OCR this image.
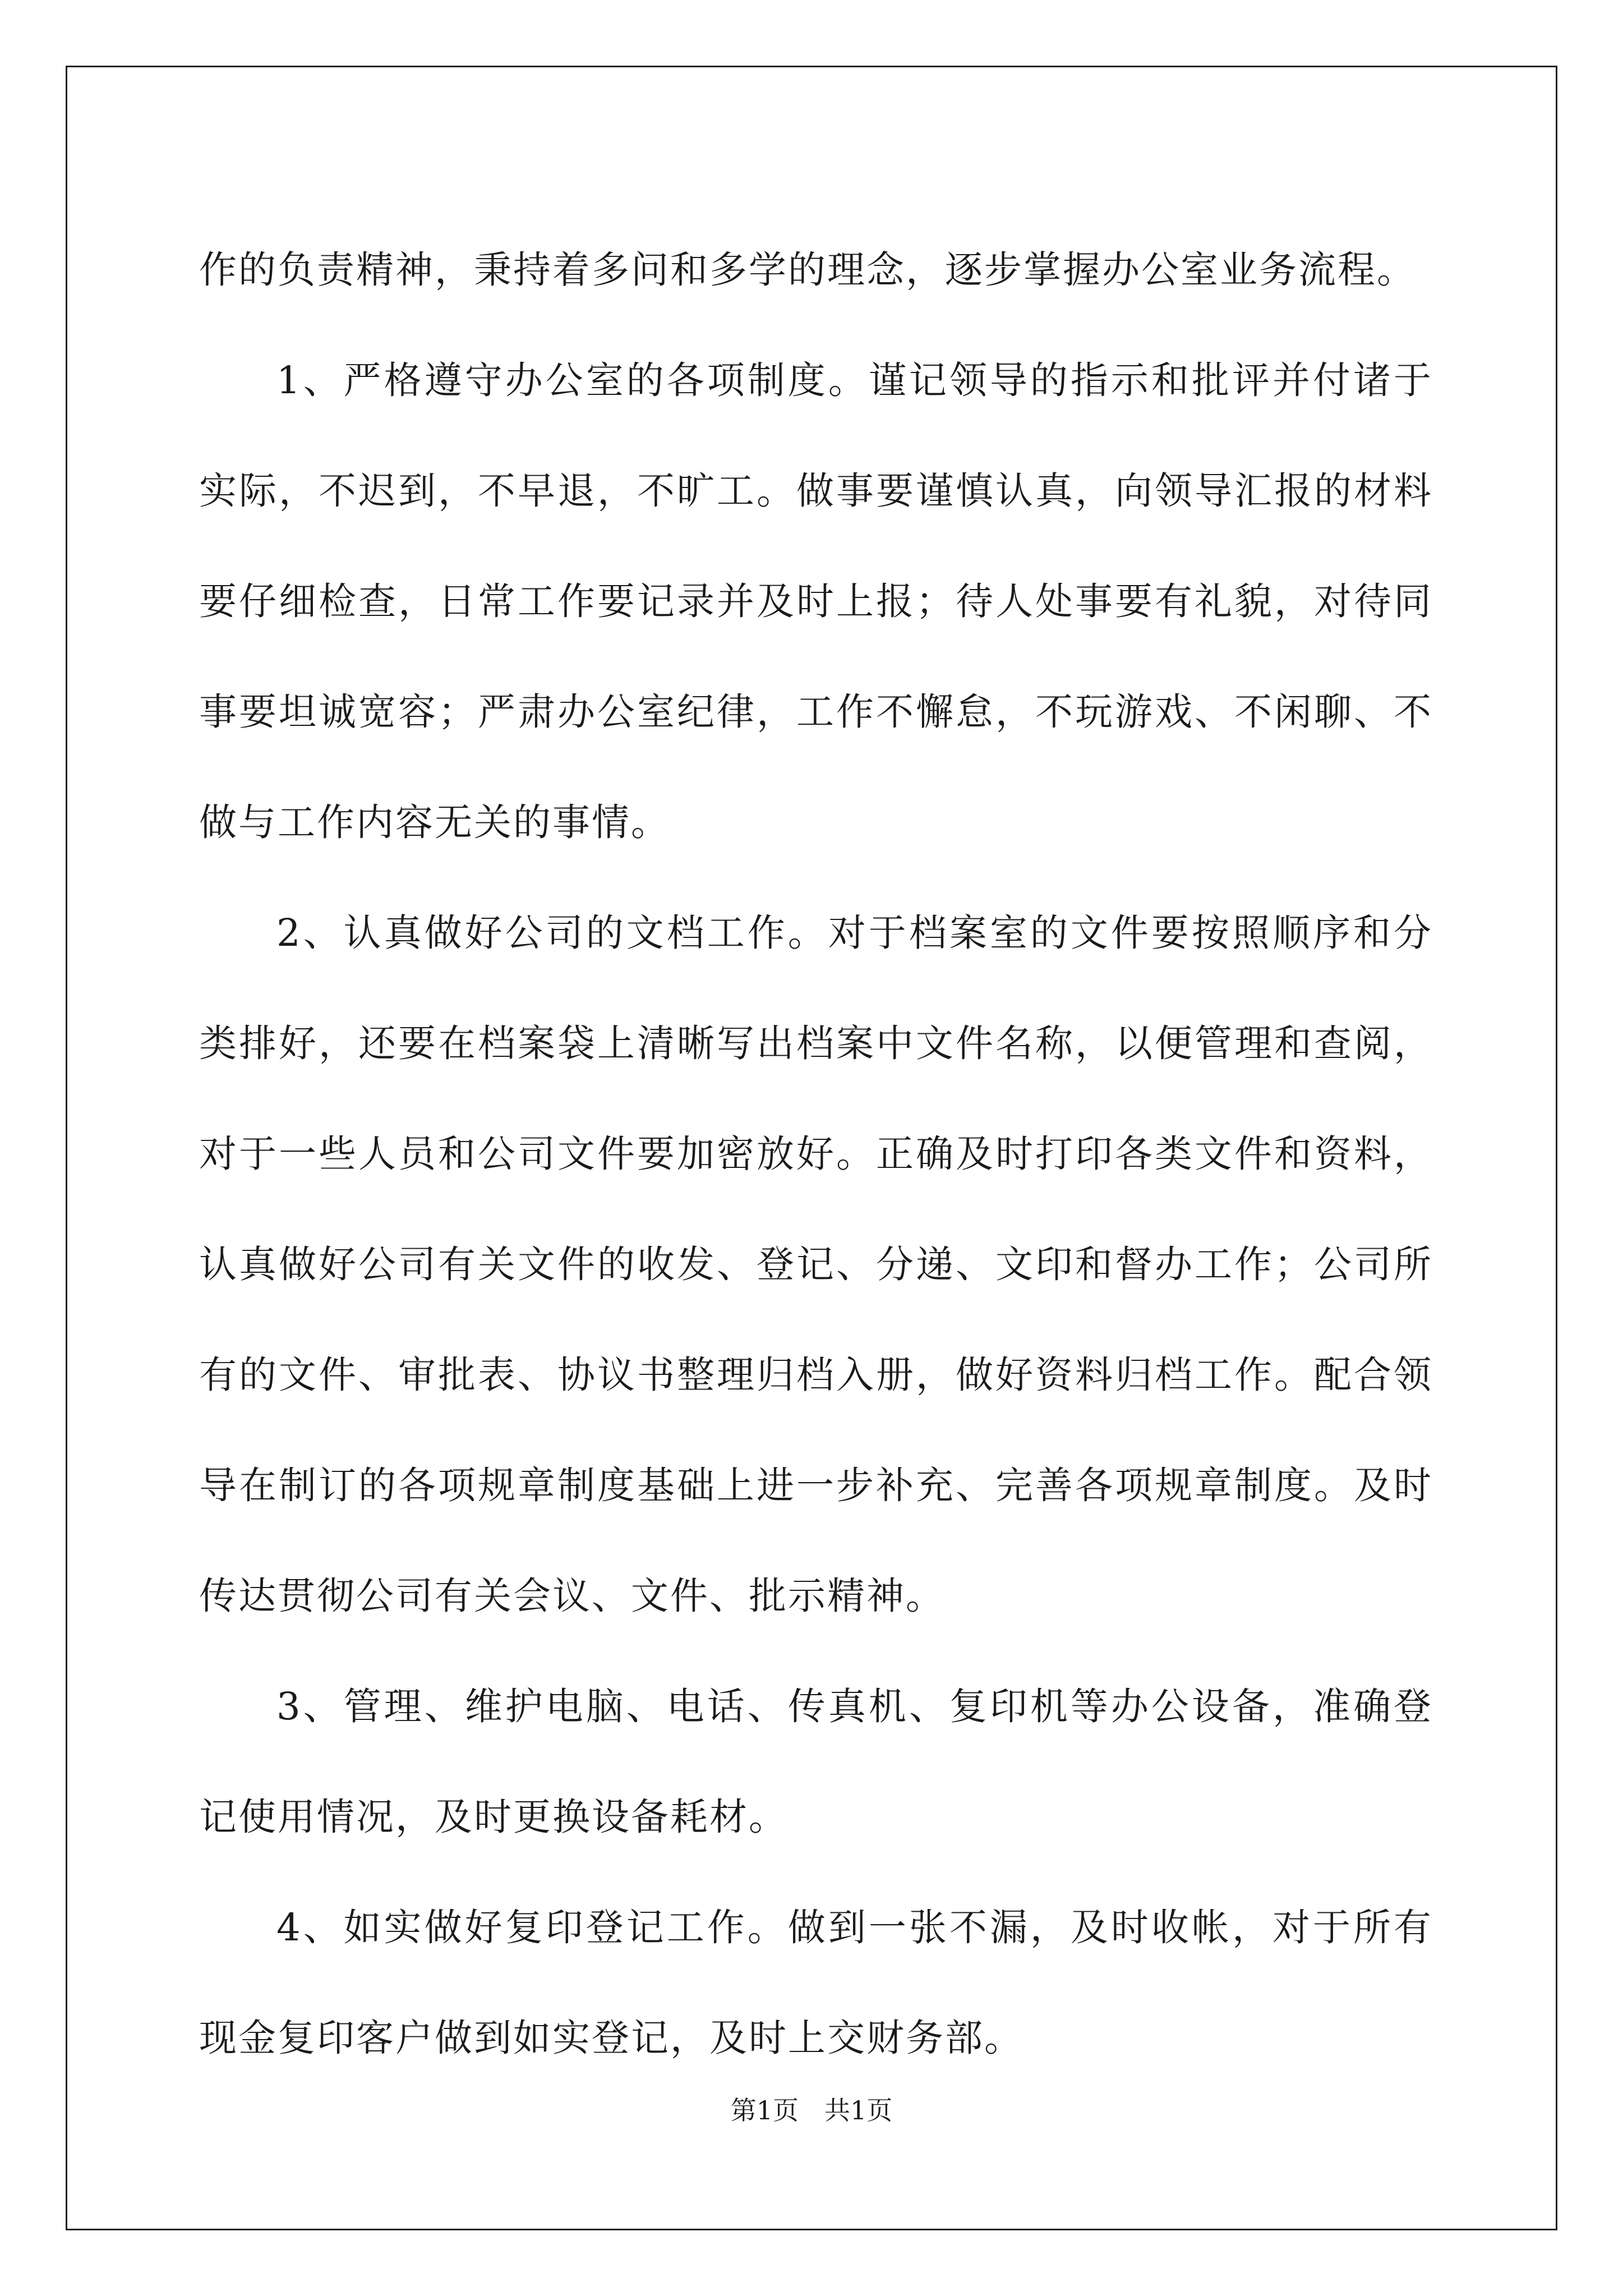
作的负责精神，秉持着多问和多学的理念，逐步掌握办公室业务流程。

1、严格遵守办公室的各项制度。谨记领导的指示和批评并付诸于实际，不迟到，不早退，不旷工。做事要谨慎认真，向领导汇报的材料要仔细检查，日常工作要记录并及时上报；待人处事要有礼貌，对待同事要坦诚宽容；严肃办公室纪律，工作不懈怠，不玩游戏、不闲聊、不做与工作内容无关的事情。

2、认真做好公司的文档工作。对于档案室的文件要按照顺序和分类排好，还要在档案袋上清晰写出档案中文件名称，以便管理和查阅，对于一些人员和公司文件要加密放好。正确及时打印各类文件和资料，认真做好公司有关文件的收发、登记、分递、文印和督办工作；公司所有的文件、审批表、协议书整理归档入册，做好资料归档工作。配合领导在制订的各项规章制度基础上进一步补充、完善各项规章制度。及时传达贯彻公司有关会议、文件、批示精神。

3、管理、维护电脑、电话、传真机、复印机等办公设备，准确登记使用情况，及时更换设备耗材。

4、如实做好复印登记工作。做到一张不漏，及时收帐，对于所有现金复印客户做到如实登记，及时上交财务部。

第1页 共1页
